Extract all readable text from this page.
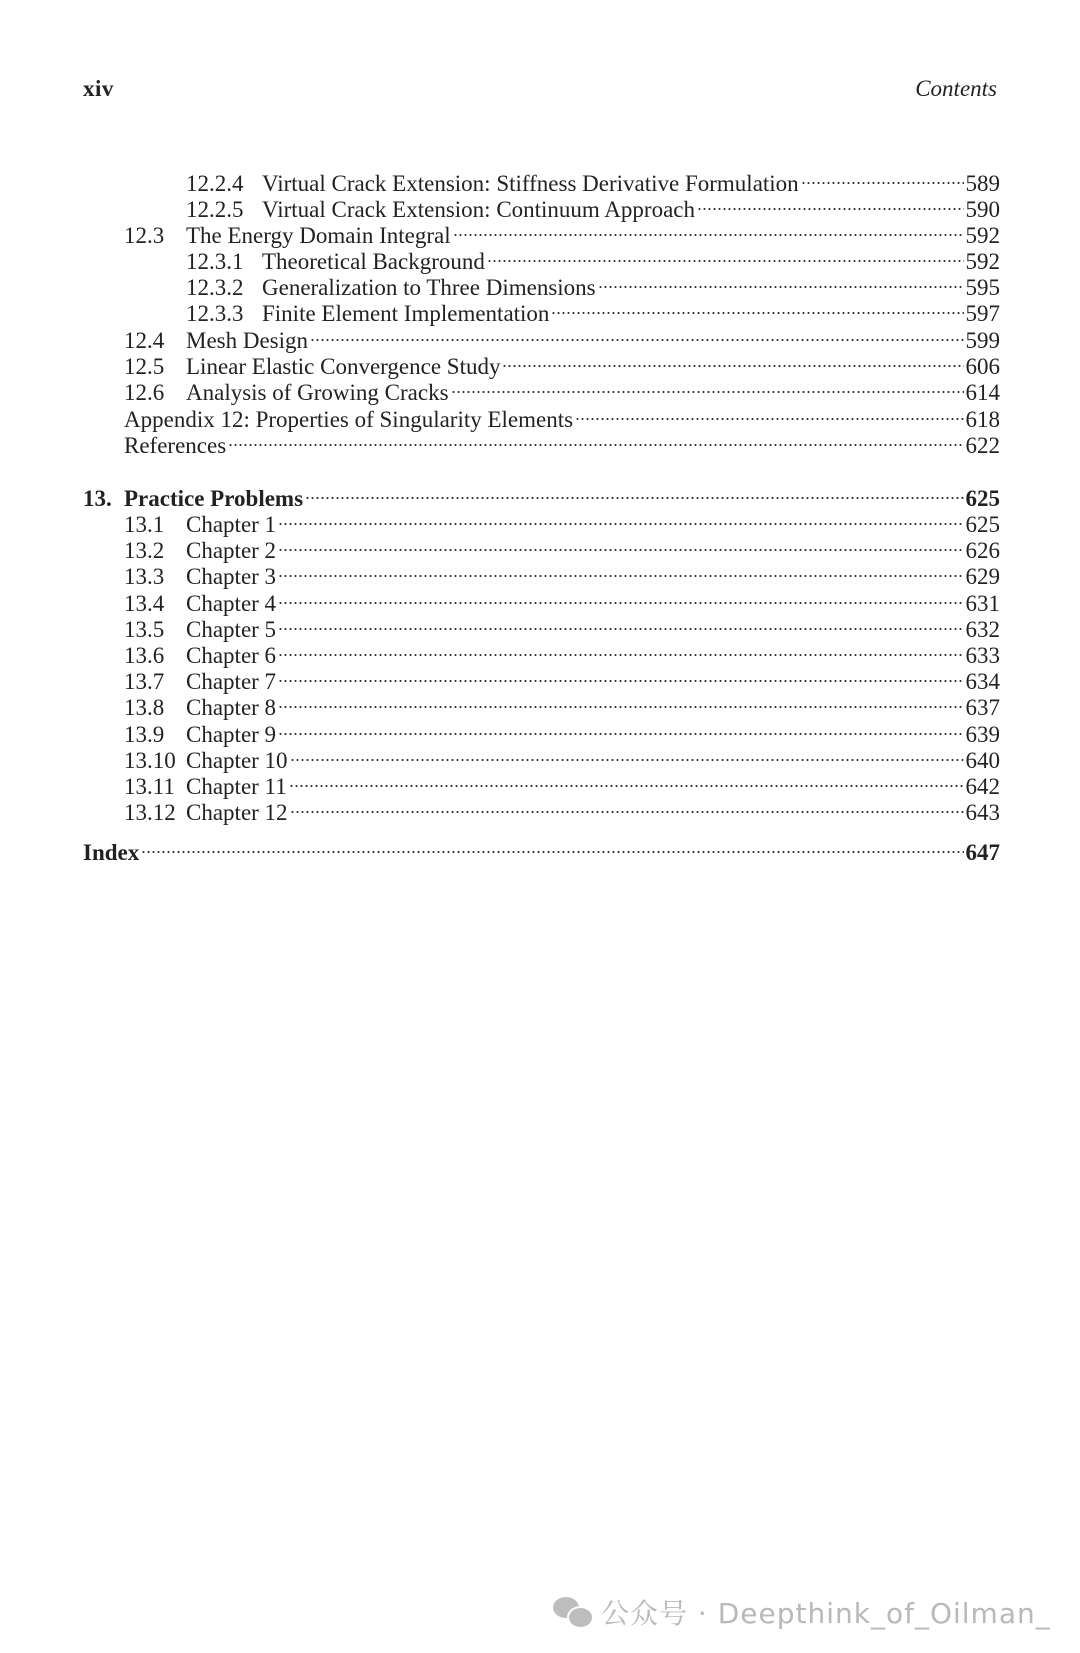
xiv	Contents
12.2.4 Virtual Crack Extension: Stiffness Derivative Formulation	589
12.2.5 Virtual Crack Extension: Continuum Approach	590
12.3 The Energy Domain Integral	592
12.3.1 Theoretical Background	592
12.3.2 Generalization to Three Dimensions	595
12.3.3 Finite Element Implementation	597
12.4 Mesh Design	599
12.5 Linear Elastic Convergence Study	606
12.6 Analysis of Growing Cracks	614
Appendix 12: Properties of Singularity Elements	618
References	622
13. Practice Problems	625
13.1 Chapter 1	625
13.2 Chapter 2	626
13.3 Chapter 3	629
13.4 Chapter 4	631
13.5 Chapter 5	632
13.6 Chapter 6	633
13.7 Chapter 7	634
13.8 Chapter 8	637
13.9 Chapter 9	639
13.10 Chapter 10	640
13.11 Chapter 11	642
13.12 Chapter 12	643
Index	647
公众号 · Deepthink_of_Oilman_
